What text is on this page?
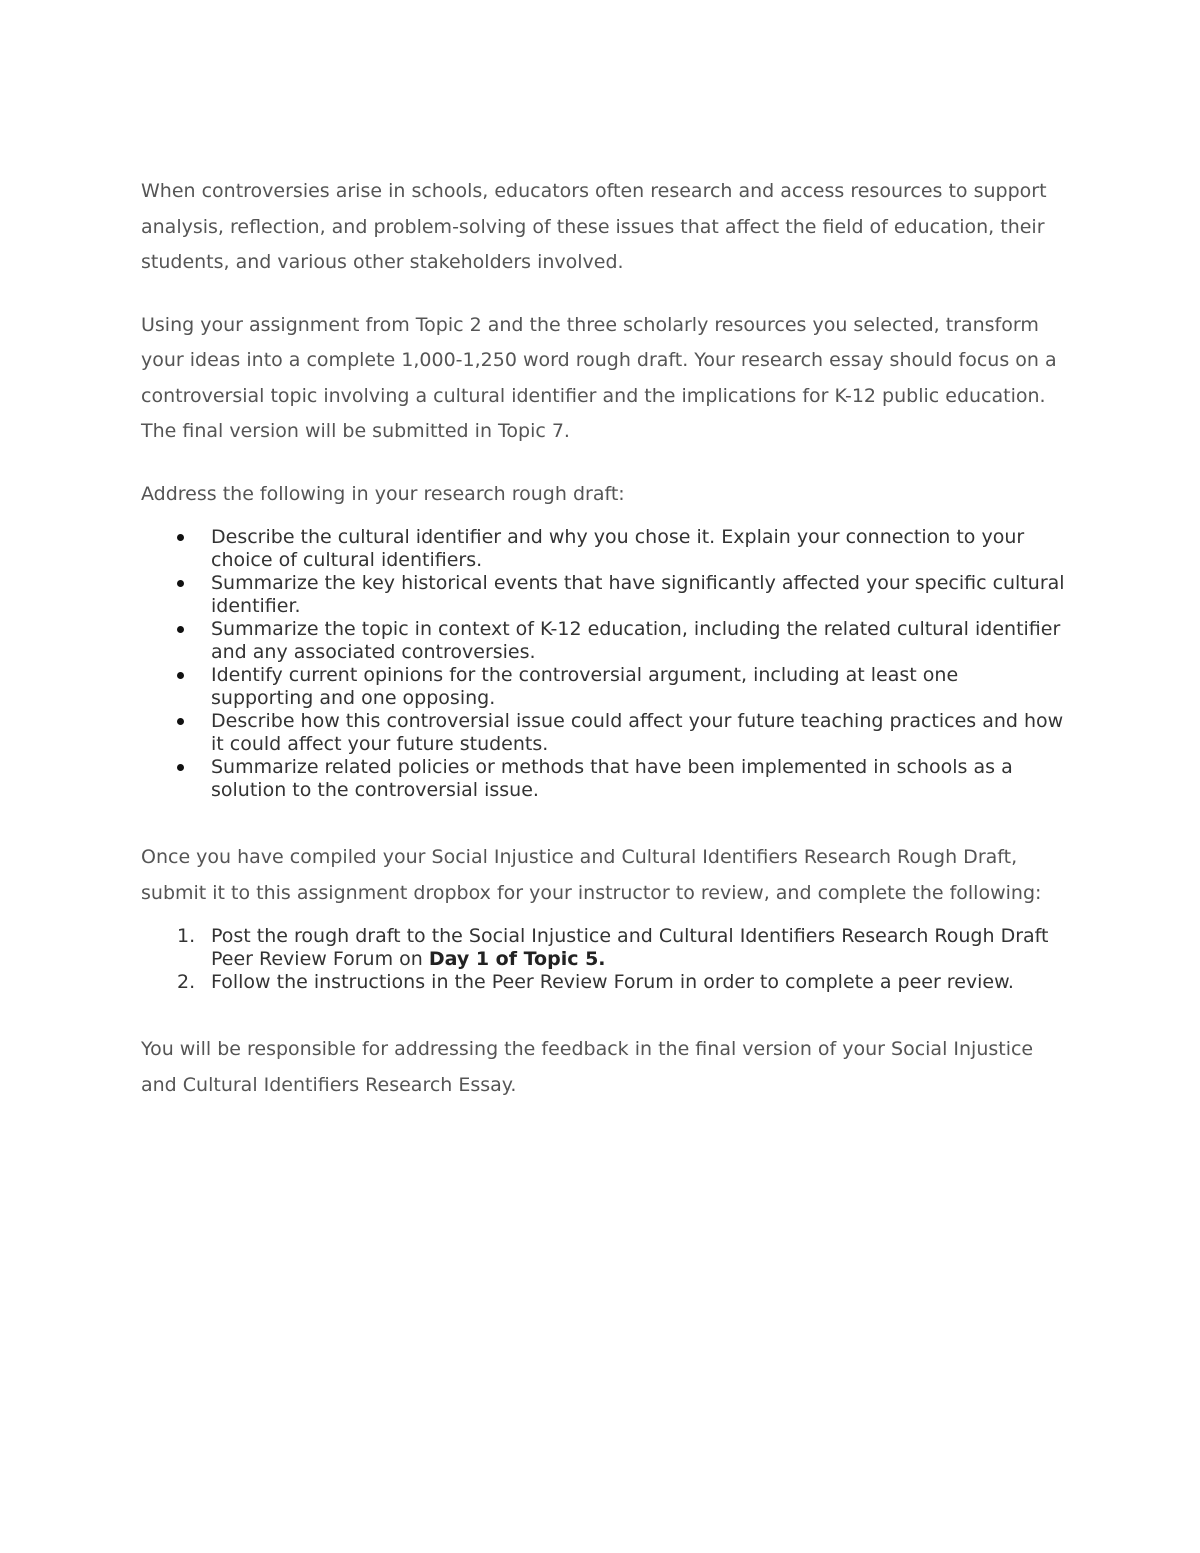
When controversies arise in schools, educators often research and access resources to support analysis, reflection, and problem-solving of these issues that affect the field of education, their students, and various other stakeholders involved.

Using your assignment from Topic 2 and the three scholarly resources you selected, transform your ideas into a complete 1,000-1,250 word rough draft. Your research essay should focus on a controversial topic involving a cultural identifier and the implications for K-12 public education. The final version will be submitted in Topic 7.

Address the following in your research rough draft:

Describe the cultural identifier and why you chose it. Explain your connection to your choice of cultural identifiers.
Summarize the key historical events that have significantly affected your specific cultural identifier.
Summarize the topic in context of K-12 education, including the related cultural identifier and any associated controversies.
Identify current opinions for the controversial argument, including at least one supporting and one opposing.
Describe how this controversial issue could affect your future teaching practices and how it could affect your future students.
Summarize related policies or methods that have been implemented in schools as a solution to the controversial issue.

Once you have compiled your Social Injustice and Cultural Identifiers Research Rough Draft, submit it to this assignment dropbox for your instructor to review, and complete the following:

1. Post the rough draft to the Social Injustice and Cultural Identifiers Research Rough Draft Peer Review Forum on Day 1 of Topic 5.
2. Follow the instructions in the Peer Review Forum in order to complete a peer review.

You will be responsible for addressing the feedback in the final version of your Social Injustice and Cultural Identifiers Research Essay.
